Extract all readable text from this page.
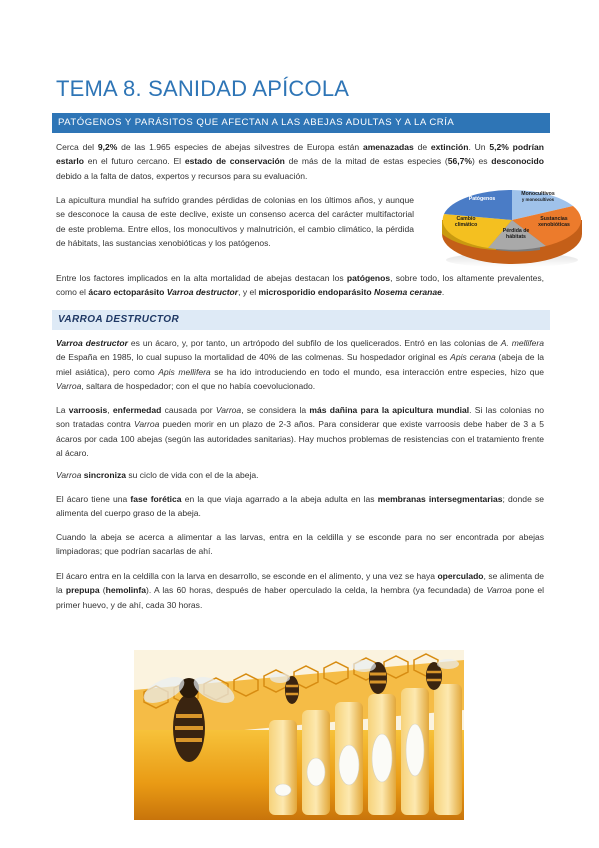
TEMA 8. SANIDAD APÍCOLA
PATÓGENOS Y PARÁSITOS QUE AFECTAN A LAS ABEJAS ADULTAS Y A LA CRÍA
Cerca del 9,2% de las 1.965 especies de abejas silvestres de Europa están amenazadas de extinción. Un 5,2% podrían estarlo en el futuro cercano. El estado de conservación de más de la mitad de estas especies (56,7%) es desconocido debido a la falta de datos, expertos y recursos para su evaluación.
La apicultura mundial ha sufrido grandes pérdidas de colonias en los últimos años, y aunque se desconoce la causa de este declive, existe un consenso acerca del carácter multifactorial de este problema. Entre ellos, los monocultivos y malnutrición, el cambio climático, la pérdida de hábitats, las sustancias xenobióticas y los patógenos.
Patógenos
Monocultivos
y monocultivos
Cambio
climático
Sustancias
xenobióticas
Pérdida de
hábitats
Entre los factores implicados en la alta mortalidad de abejas destacan los patógenos, sobre todo, los altamente prevalentes, como el ácaro ectoparásito Varroa destructor, y el microsporidio endoparásito Nosema ceranae.
VARROA DESTRUCTOR
Varroa destructor es un ácaro, y, por tanto, un artrópodo del subfilo de los quelicerados. Entró en las colonias de A. mellifera de España en 1985, lo cual supuso la mortalidad de 40% de las colmenas. Su hospedador original es Apis cerana (abeja de la miel asiática), pero como Apis mellifera se ha ido introduciendo en todo el mundo, esa interacción entre especies, hizo que Varroa, saltara de hospedador; con el que no había coevolucionado.
La varroosis, enfermedad causada por Varroa, se considera la más dañina para la apicultura mundial. Si las colonias no son tratadas contra Varroa pueden morir en un plazo de 2-3 años. Para considerar que existe varroosis debe haber de 3 a 5 ácaros por cada 100 abejas (según las autoridades sanitarias). Hay muchos problemas de resistencias con el tratamiento frente al ácaro.
Varroa sincroniza su ciclo de vida con el de la abeja.
El ácaro tiene una fase forética en la que viaja agarrado a la abeja adulta en las membranas intersegmentarias; donde se alimenta del cuerpo graso de la abeja.
Cuando la abeja se acerca a alimentar a las larvas, entra en la celdilla y se esconde para no ser encontrada por abejas limpiadoras; que podrían sacarlas de ahí.
El ácaro entra en la celdilla con la larva en desarrollo, se esconde en el alimento, y una vez se haya operculado, se alimenta de la prepupa (hemolinfa). A las 60 horas, después de haber operculado la celda, la hembra (ya fecundada) de Varroa pone el primer huevo, y de ahí, cada 30 horas.
